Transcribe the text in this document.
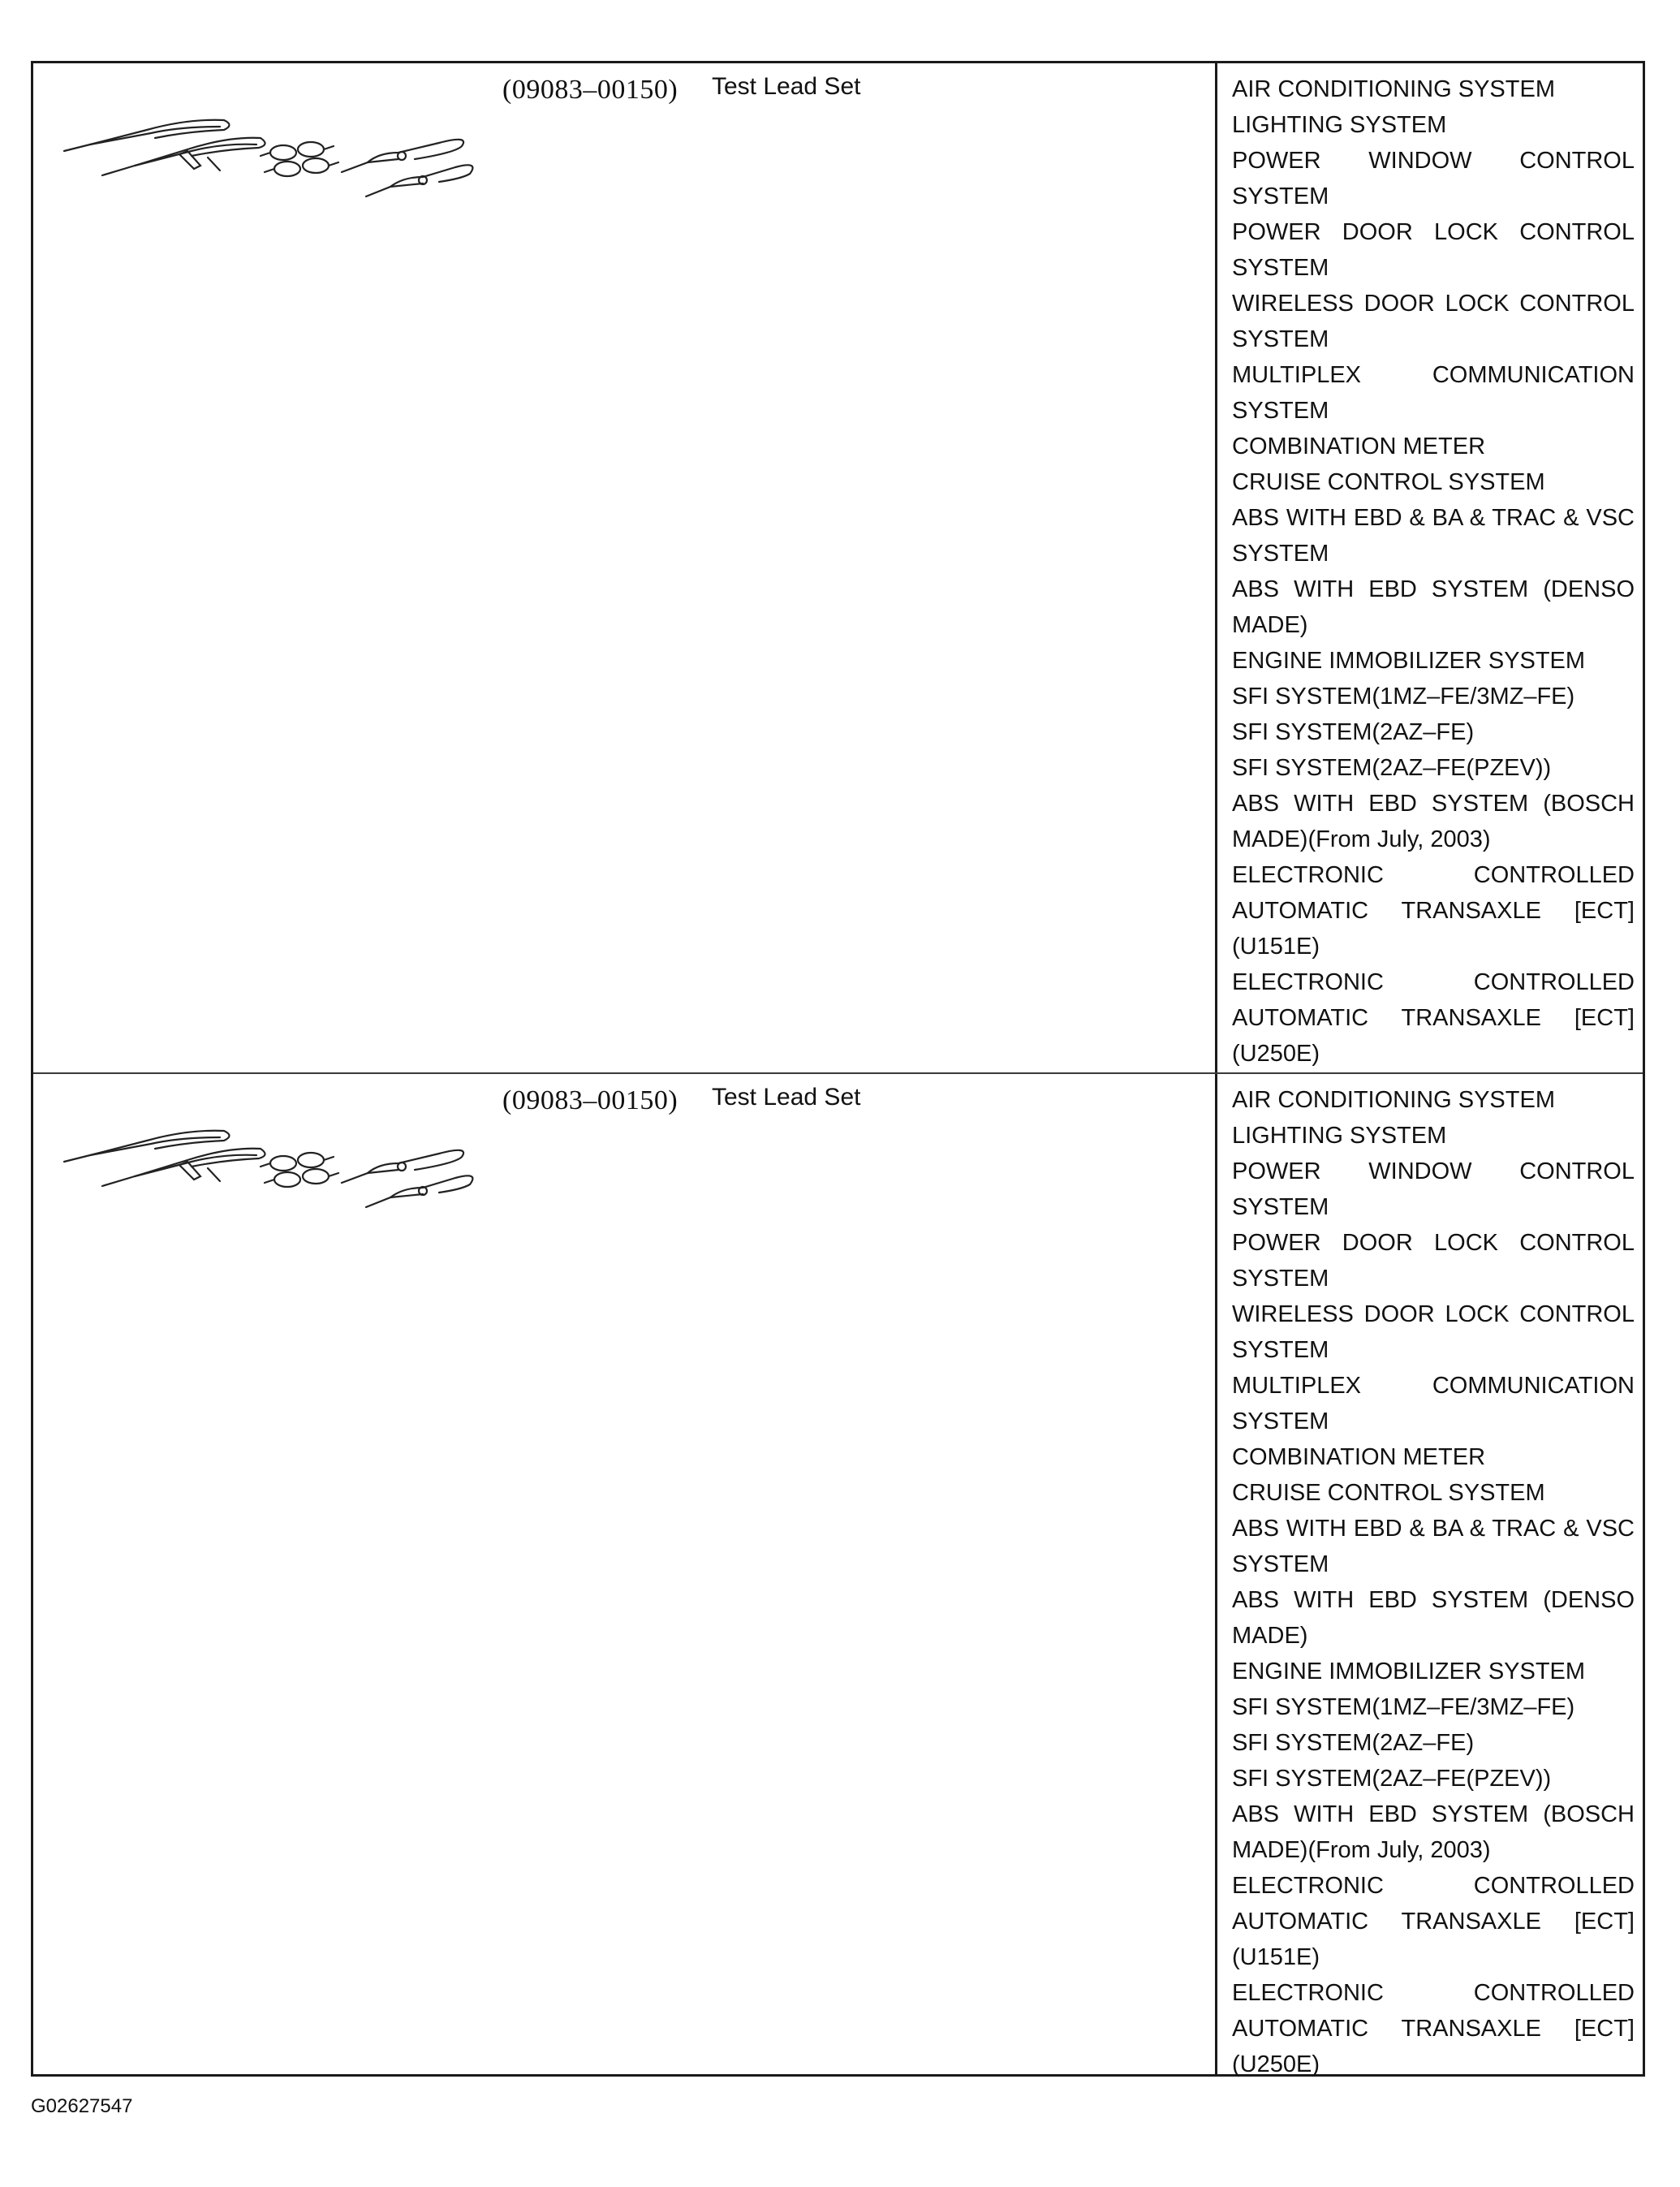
(09083–00150) Test Lead Set	AIR CONDITIONING SYSTEM
LIGHTING SYSTEM
POWER WINDOW CONTROL SYSTEM
POWER DOOR LOCK CONTROL SYSTEM
WIRELESS DOOR LOCK CONTROL SYSTEM
MULTIPLEX COMMUNICATION SYSTEM
COMBINATION METER
CRUISE CONTROL SYSTEM
ABS WITH EBD & BA & TRAC & VSC SYSTEM
ABS WITH EBD SYSTEM (DENSO MADE)
ENGINE IMMOBILIZER SYSTEM
SFI SYSTEM(1MZ–FE/3MZ–FE)
SFI SYSTEM(2AZ–FE)
SFI SYSTEM(2AZ–FE(PZEV))
ABS WITH EBD SYSTEM (BOSCH MADE)(From July, 2003)
ELECTRONIC CONTROLLED AUTOMATIC TRANSAXLE [ECT](U151E)
ELECTRONIC CONTROLLED AUTOMATIC TRANSAXLE [ECT](U250E)
(09083–00150) Test Lead Set	AIR CONDITIONING SYSTEM
LIGHTING SYSTEM
POWER WINDOW CONTROL SYSTEM
POWER DOOR LOCK CONTROL SYSTEM
WIRELESS DOOR LOCK CONTROL SYSTEM
MULTIPLEX COMMUNICATION SYSTEM
COMBINATION METER
CRUISE CONTROL SYSTEM
ABS WITH EBD & BA & TRAC & VSC SYSTEM
ABS WITH EBD SYSTEM (DENSO MADE)
ENGINE IMMOBILIZER SYSTEM
SFI SYSTEM(1MZ–FE/3MZ–FE)
SFI SYSTEM(2AZ–FE)
SFI SYSTEM(2AZ–FE(PZEV))
ABS WITH EBD SYSTEM (BOSCH MADE)(From July, 2003)
ELECTRONIC CONTROLLED AUTOMATIC TRANSAXLE [ECT](U151E)
ELECTRONIC CONTROLLED AUTOMATIC TRANSAXLE [ECT](U250E)
G02627547
